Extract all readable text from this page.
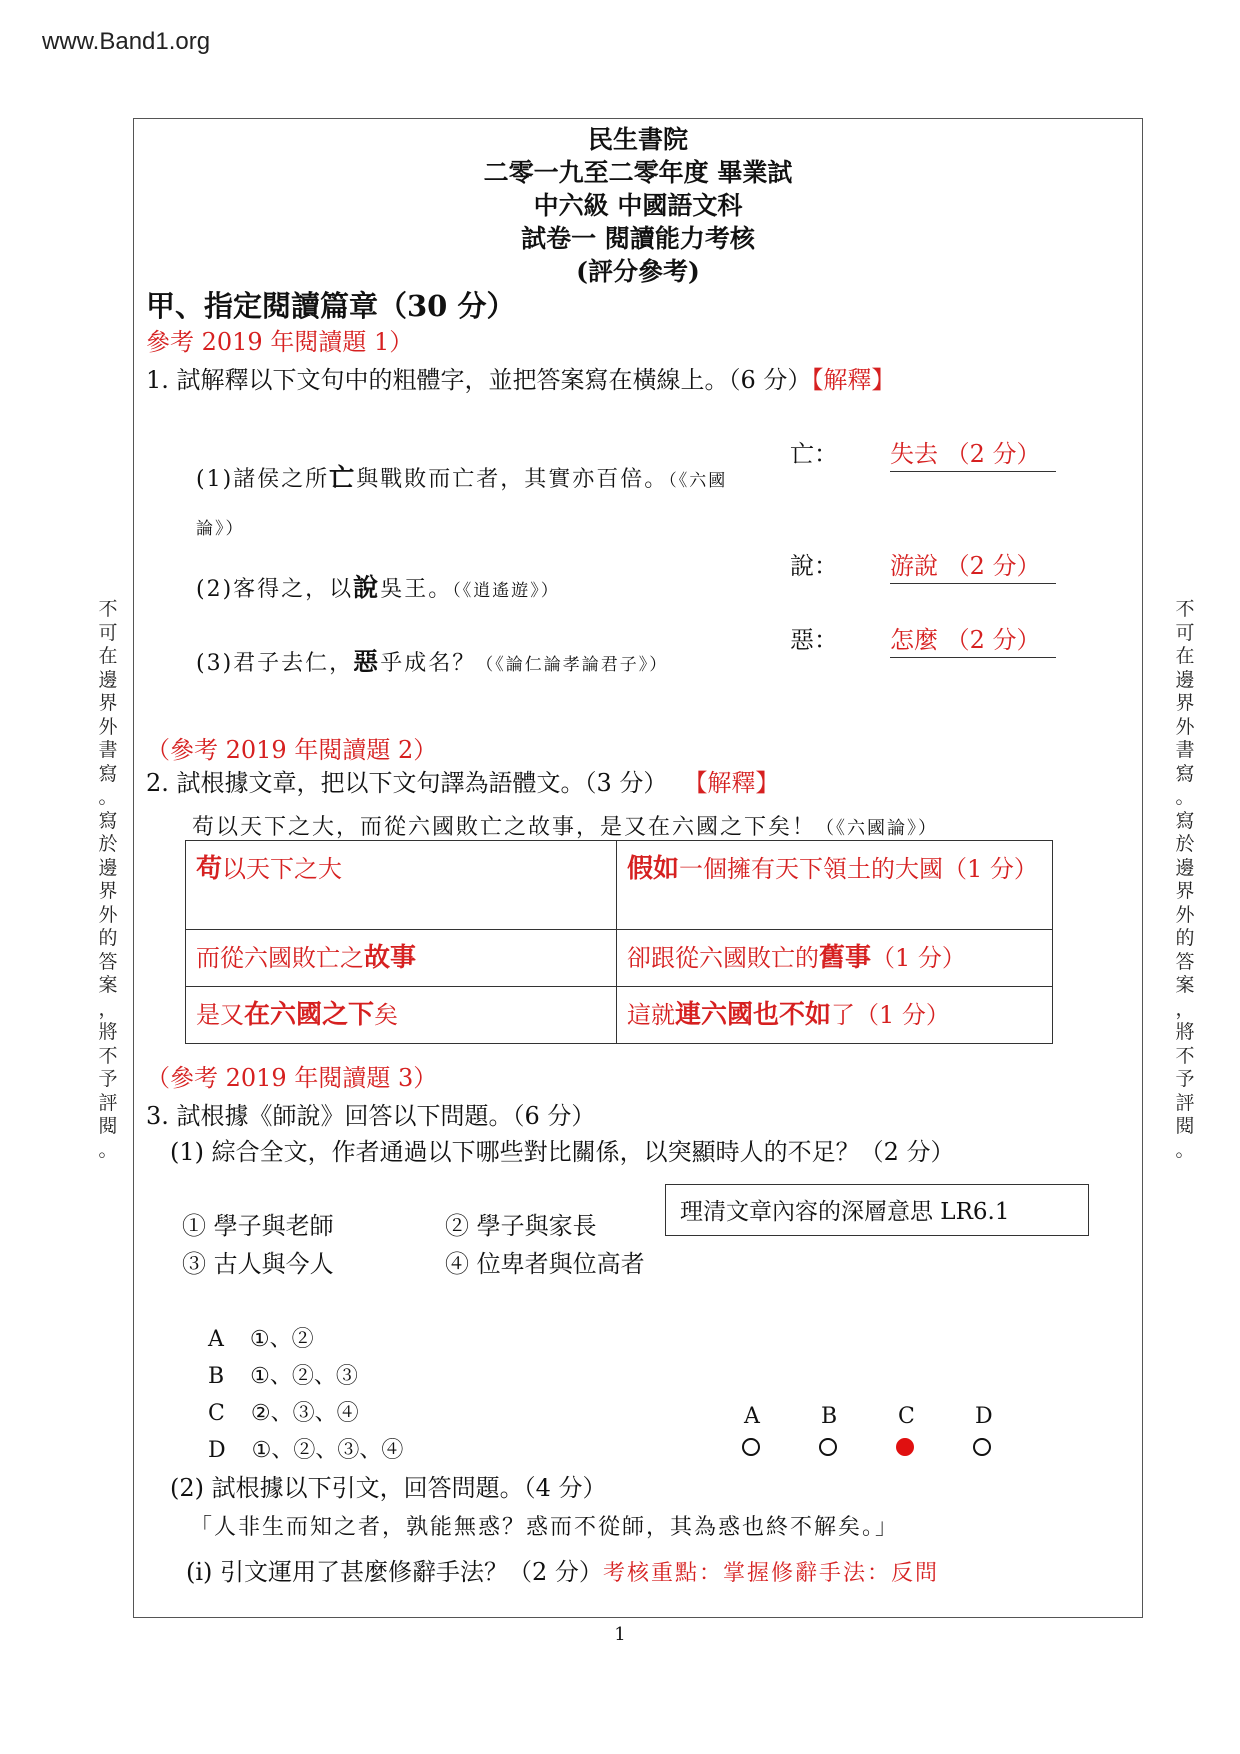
www.Band1.org
不
可
在
邊
界
外
書
寫
。
寫
於
邊
界
外
的
答
案
，
將
不
予
評
閱
。
不
可
在
邊
界
外
書
寫
。
寫
於
邊
界
外
的
答
案
，
將
不
予
評
閱
。
民生書院
二零一九至二零年度 畢業試
中六級 中國語文科
試卷一 閱讀能力考核
(評分參考)
甲、指定閱讀篇章（30 分）
參考 2019 年閱讀題 1）
1. 試解釋以下文句中的粗體字，並把答案寫在橫線上。（6 分）【解釋】
(1)諸侯之所亡與戰敗而亡者，其實亦百倍。（《六國
論》）
亡： 失去 （2 分）
(2)客得之，以說吳王。（《逍遙遊》）
說： 游說 （2 分）
(3)君子去仁，惡乎成名？（《論仁論孝論君子》）
惡： 怎麼 （2 分）
（參考 2019 年閱讀題 2）
2. 試根據文章，把以下文句譯為語體文。（3 分） 【解釋】
苟以天下之大，而從六國敗亡之故事，是又在六國之下矣！（《六國論》）
苟以天下之大	假如一個擁有天下領土的大國（1 分）
而從六國敗亡之故事	卻跟從六國敗亡的舊事（1 分）
是又在六國之下矣	這就連六國也不如了（1 分）
（參考 2019 年閱讀題 3）
3. 試根據《師說》回答以下問題。（6 分）
(1) 綜合全文，作者通過以下哪些對比關係，以突顯時人的不足？（2 分）
① 學子與老師	② 學子與家長
③ 古人與今人	④ 位卑者與位高者
理清文章內容的深層意思 LR6.1
A ①、②
B ①、②、③
C ②、③、④
D ①、②、③、④
A	B	C	D
(2) 試根據以下引文，回答問題。（4 分）
「人非生而知之者，孰能無惑？惑而不從師，其為惑也終不解矣。」
(i) 引文運用了甚麼修辭手法？（2 分）考核重點：掌握修辭手法：反問
1
